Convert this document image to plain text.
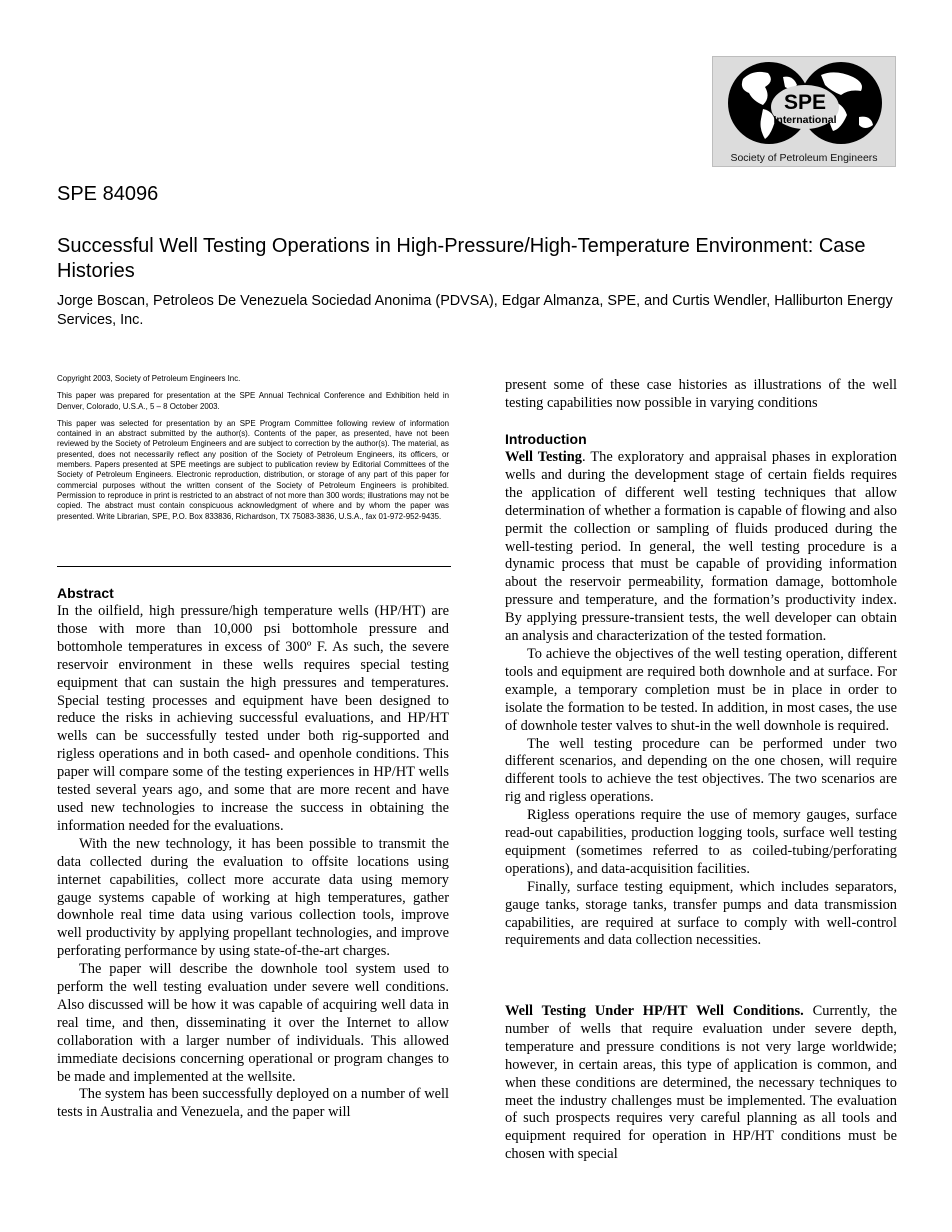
SPE
International
Society of Petroleum Engineers
SPE 84096
Successful Well Testing Operations in High-Pressure/High-Temperature Environment: Case Histories
Jorge Boscan, Petroleos De Venezuela Sociedad Anonima (PDVSA), Edgar Almanza, SPE, and Curtis Wendler, Halliburton Energy Services, Inc.

Copyright 2003, Society of Petroleum Engineers Inc.

This paper was prepared for presentation at the SPE Annual Technical Conference and Exhibition held in Denver, Colorado, U.S.A., 5 – 8 October 2003.

This paper was selected for presentation by an SPE Program Committee following review of information contained in an abstract submitted by the author(s). Contents of the paper, as presented, have not been reviewed by the Society of Petroleum Engineers and are subject to correction by the author(s). The material, as presented, does not necessarily reflect any position of the Society of Petroleum Engineers, its officers, or members. Papers presented at SPE meetings are subject to publication review by Editorial Committees of the Society of Petroleum Engineers. Electronic reproduction, distribution, or storage of any part of this paper for commercial purposes without the written consent of the Society of Petroleum Engineers is prohibited. Permission to reproduce in print is restricted to an abstract of not more than 300 words; illustrations may not be copied. The abstract must contain conspicuous acknowledgment of where and by whom the paper was presented. Write Librarian, SPE, P.O. Box 833836, Richardson, TX 75083-3836, U.S.A., fax 01-972-952-9435.

Abstract

In the oilfield, high pressure/high temperature wells (HP/HT) are those with more than 10,000 psi bottomhole pressure and bottomhole temperatures in excess of 300º F. As such, the severe reservoir environment in these wells requires special testing equipment that can sustain the high pressures and temperatures. Special testing processes and equipment have been designed to reduce the risks in achieving successful evaluations, and HP/HT wells can be successfully tested under both rig-supported and rigless operations and in both cased- and openhole conditions. This paper will compare some of the testing experiences in HP/HT wells tested several years ago, and some that are more recent and have used new technologies to increase the success in obtaining the information needed for the evaluations.

With the new technology, it has been possible to transmit the data collected during the evaluation to offsite locations using internet capabilities, collect more accurate data using memory gauge systems capable of working at high temperatures, gather downhole real time data using various collection tools, improve well productivity by applying propellant technologies, and improve perforating performance by using state-of-the-art charges.

The paper will describe the downhole tool system used to perform the well testing evaluation under severe well conditions. Also discussed will be how it was capable of acquiring well data in real time, and then, disseminating it over the Internet to allow collaboration with a larger number of individuals. This allowed immediate decisions concerning operational or program changes to be made and implemented at the wellsite.

The system has been successfully deployed on a number of well tests in Australia and Venezuela, and the paper will

present some of these case histories as illustrations of the well testing capabilities now possible in varying conditions

Introduction

Well Testing. The exploratory and appraisal phases in exploration wells and during the development stage of certain fields requires the application of different well testing techniques that allow determination of whether a formation is capable of flowing and also permit the collection or sampling of fluids produced during the well-testing period. In general, the well testing procedure is a dynamic process that must be capable of providing information about the reservoir permeability, formation damage, bottomhole pressure and temperature, and the formation’s productivity index. By applying pressure-transient tests, the well developer can obtain an analysis and characterization of the tested formation.

To achieve the objectives of the well testing operation, different tools and equipment are required both downhole and at surface. For example, a temporary completion must be in place in order to isolate the formation to be tested. In addition, in most cases, the use of downhole tester valves to shut-in the well downhole is required.

The well testing procedure can be performed under two different scenarios, and depending on the one chosen, will require different tools to achieve the test objectives. The two scenarios are rig and rigless operations.

Rigless operations require the use of memory gauges, surface read-out capabilities, production logging tools, surface well testing equipment (sometimes referred to as coiled-tubing/perforating operations), and data-acquisition facilities.

Finally, surface testing equipment, which includes separators, gauge tanks, storage tanks, transfer pumps and data transmission capabilities, are required at surface to comply with well-control requirements and data collection necessities.

Well Testing Under HP/HT Well Conditions. Currently, the number of wells that require evaluation under severe depth, temperature and pressure conditions is not very large worldwide; however, in certain areas, this type of application is common, and when these conditions are determined, the necessary techniques to meet the industry challenges must be implemented. The evaluation of such prospects requires very careful planning as all tools and equipment required for operation in HP/HT conditions must be chosen with special
